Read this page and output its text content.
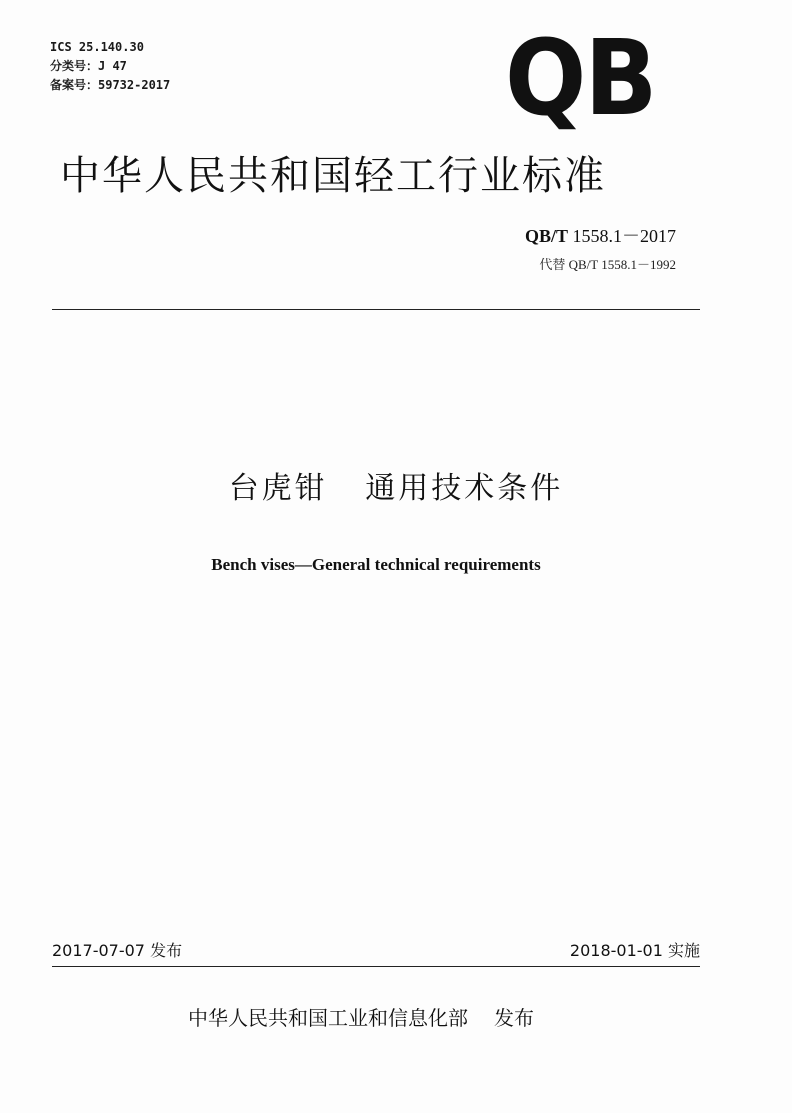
ICS 25.140.30
分类号：J 47
备案号：59732-2017	QB
中华人民共和国轻工行业标准
QB/T 1558.1－2017
代替 QB/T 1558.1－1992
台虎钳   通用技术条件
Bench vises—General technical requirements
2017-07-07 发布	2018-01-01 实施
中华人民共和国工业和信息化部 发布
